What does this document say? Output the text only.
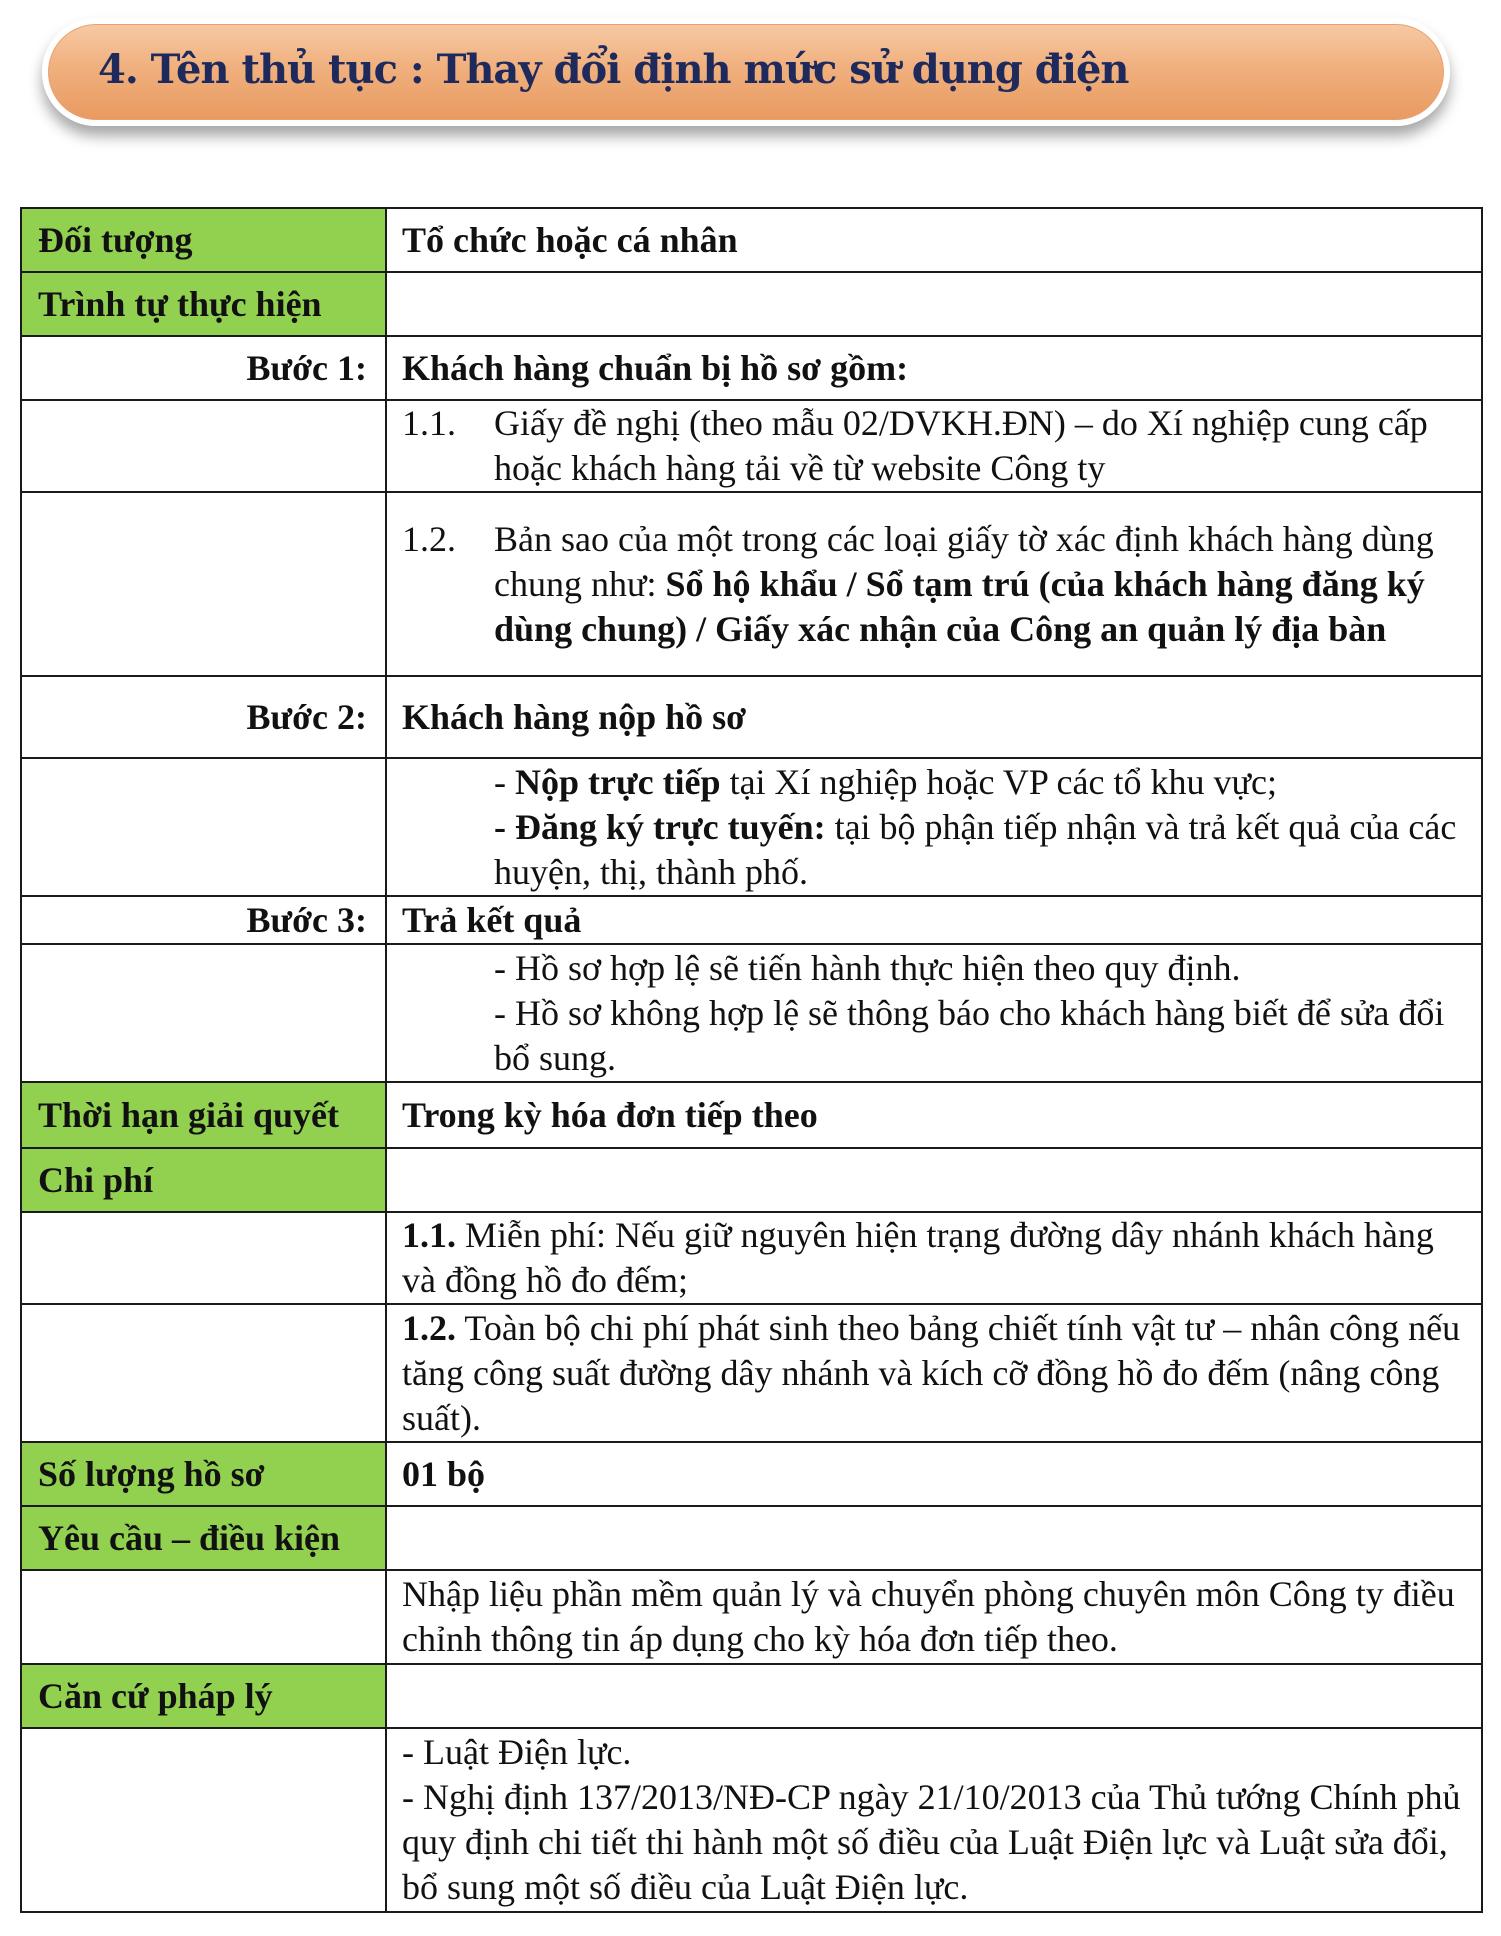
4. Tên thủ tục : Thay đổi định mức sử dụng điện
Đối tượng	Tổ chức hoặc cá nhân
Trình tự thực hiện	
Bước 1:	Khách hàng chuẩn bị hồ sơ gồm:

	1.1. Giấy đề nghị (theo mẫu 02/DVKH.ĐN) – do Xí nghiệp cung cấp hoặc khách hàng tải về từ website Công ty

	1.2. Bản sao của một trong các loại giấy tờ xác định khách hàng dùng chung như: Sổ hộ khẩu / Sổ tạm trú (của khách hàng đăng ký dùng chung) / Giấy xác nhận của Công an quản lý địa bàn

Bước 2:	Khách hàng nộp hồ sơ

	- Nộp trực tiếp tại Xí nghiệp hoặc VP các tổ khu vực;
- Đăng ký trực tuyến: tại bộ phận tiếp nhận và trả kết quả của các huyện, thị, thành phố.

Bước 3:	Trả kết quả

	- Hồ sơ hợp lệ sẽ tiến hành thực hiện theo quy định.
- Hồ sơ không hợp lệ sẽ thông báo cho khách hàng biết để sửa đổi bổ sung.

Thời hạn giải quyết	Trong kỳ hóa đơn tiếp theo
Chi phí	
	1.1. Miễn phí: Nếu giữ nguyên hiện trạng đường dây nhánh khách hàng và đồng hồ đo đếm;
	1.2. Toàn bộ chi phí phát sinh theo bảng chiết tính vật tư – nhân công nếu tăng công suất đường dây nhánh và kích cỡ đồng hồ đo đếm (nâng công suất).
Số lượng hồ sơ	01 bộ
Yêu cầu – điều kiện	
	Nhập liệu phần mềm quản lý và chuyển phòng chuyên môn Công ty điều chỉnh thông tin áp dụng cho kỳ hóa đơn tiếp theo.
Căn cứ pháp lý	

	- Luật Điện lực.
- Nghị định 137/2013/NĐ-CP ngày 21/10/2013 của Thủ tướng Chính phủ quy định chi tiết thi hành một số điều của Luật Điện lực và Luật sửa đổi, bổ sung một số điều của Luật Điện lực.
